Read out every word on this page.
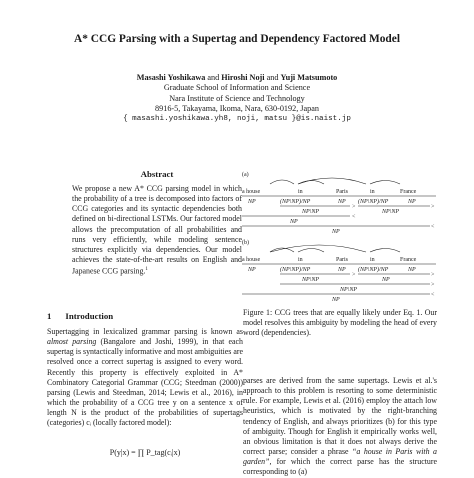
A* CCG Parsing with a Supertag and Dependency Factored Model
Masashi Yoshikawa and Hiroshi Noji and Yuji Matsumoto
Graduate School of Information and Science
Nara Institute of Science and Technology
8916-5, Takayama, Ikoma, Nara, 630-0192, Japan
{ masashi.yoshikawa.yh8, noji, matsu }@is.naist.jp
Abstract
We propose a new A* CCG parsing model in which the probability of a tree is decomposed into factors of CCG categories and its syntactic dependencies both defined on bi-directional LSTMs. Our factored model allows the precomputation of all probabilities and runs very efficiently, while modeling sentence structures explicitly via dependencies. Our model achieves the state-of-the-art results on English and Japanese CCG parsing.$^1$
1 Introduction
Supertagging in lexicalized grammar parsing is known as almost parsing (Bangalore and Joshi, 1999), in that each supertag is syntactically informative and most ambiguities are resolved once a correct supertag is assigned to every word. Recently this property is effectively exploited in A* Combinatory Categorial Grammar (CCG; Steedman (2000)) parsing (Lewis and Steedman, 2014; Lewis et al., 2016), in which the probability of a CCG tree y on a sentence x of length N is the product of the probabilities of supertags (categories) cᵢ (locally factored model):
P(y|x) = ∏ P_tag(cᵢ|x)
(a)
a house	in	Paris	in	France
NP	(NP\NP)/NP	NP (NP\NP)/NP	NP
>	>
NP\NP	NP\NP
<
NP
<
NP
(b)
a house	in	Paris	in	France
NP	(NP\NP)/NP	NP (NP\NP)/NP	NP
>	>
NP\NP	NP
>
NP\NP
<
NP
Figure 1: CCG trees that are equally likely under Eq. 1. Our model resolves this ambiguity by modeling the head of every word (dependencies).
parses are derived from the same supertags. Lewis et al.'s approach to this problem is resorting to some deterministic rule. For example, Lewis et al. (2016) employ the attach low heuristics, which is motivated by the right-branching tendency of English, and always prioritizes (b) for this type of ambiguity. Though for English it empirically works well, an obvious limitation is that it does not always derive the correct parse; consider a phrase “a house in Paris with a garden”, for which the correct parse has the structure corresponding to (a)
